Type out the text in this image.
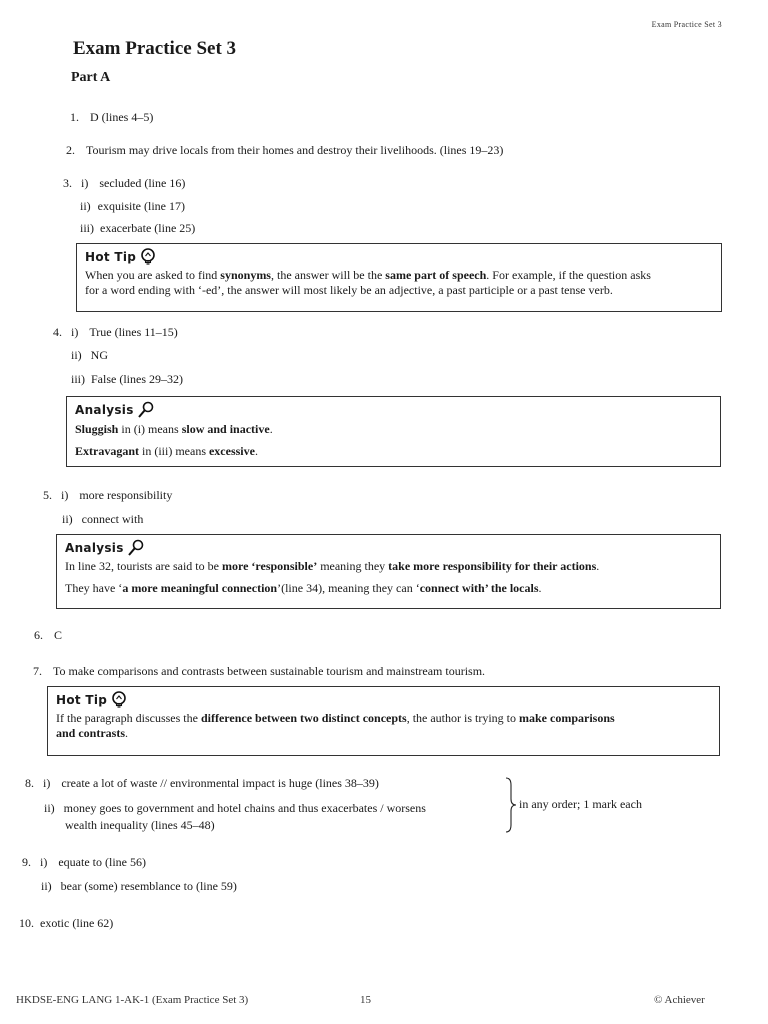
Exam Practice Set 3
Exam Practice Set 3
Part A
1. D (lines 4–5)
2. Tourism may drive locals from their homes and destroy their livelihoods. (lines 19–23)
3. i) secluded (line 16)
ii) exquisite (line 17)
iii) exacerbate (line 25)
Hot Tip
When you are asked to find synonyms, the answer will be the same part of speech. For example, if the question asks
for a word ending with ‘-ed’, the answer will most likely be an adjective, a past participle or a past tense verb.
4. i) True (lines 11–15)
ii) NG
iii) False (lines 29–32)
Analysis
Sluggish in (i) means slow and inactive.
Extravagant in (iii) means excessive.
5. i) more responsibility
ii) connect with
Analysis
In line 32, tourists are said to be more ‘responsible’ meaning they take more responsibility for their actions.
They have ‘a more meaningful connection’(line 34), meaning they can ‘connect with’ the locals.
6. C
7. To make comparisons and contrasts between sustainable tourism and mainstream tourism.
Hot Tip
If the paragraph discusses the difference between two distinct concepts, the author is trying to make comparisons
and contrasts.
8. i) create a lot of waste // environmental impact is huge (lines 38–39)
ii) money goes to government and hotel chains and thus exacerbates / worsens
wealth inequality (lines 45–48)
in any order; 1 mark each
9. i) equate to (line 56)
ii) bear (some) resemblance to (line 59)
10. exotic (line 62)
HKDSE-ENG LANG 1-AK-1 (Exam Practice Set 3)	15	© Achiever
